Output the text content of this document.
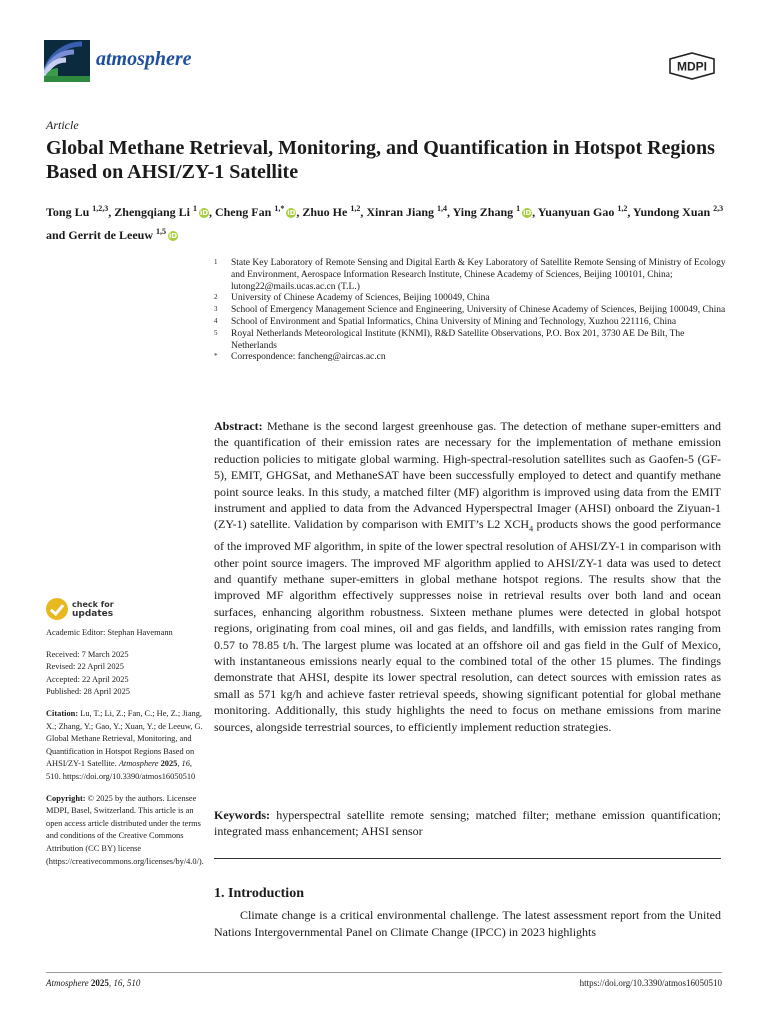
atmosphere	MDPI
Article
Global Methane Retrieval, Monitoring, and Quantification in Hotspot Regions Based on AHSI/ZY-1 Satellite
Tong Lu $^{1,2,3}$, Zhengqiang Li $^1$ iD, Cheng Fan $^{1,*}$ iD, Zhuo He $^{1,2}$, Xinran Jiang $^{1,4}$, Ying Zhang $^1$ iD, Yuanyuan Gao $^{1,2}$, Yundong Xuan $^{2,3}$ and Gerrit de Leeuw $^{1,5}$ iD
1	State Key Laboratory of Remote Sensing and Digital Earth & Key Laboratory of Satellite Remote Sensing of Ministry of Ecology and Environment, Aerospace Information Research Institute, Chinese Academy of Sciences, Beijing 100101, China; lutong22@mails.ucas.ac.cn (T.L.)
2	University of Chinese Academy of Sciences, Beijing 100049, China
3	School of Emergency Management Science and Engineering, University of Chinese Academy of Sciences, Beijing 100049, China
4	School of Environment and Spatial Informatics, China University of Mining and Technology, Xuzhou 221116, China
5	Royal Netherlands Meteorological Institute (KNMI), R&D Satellite Observations, P.O. Box 201, 3730 AE De Bilt, The Netherlands
*	Correspondence: fancheng@aircas.ac.cn
Abstract: Methane is the second largest greenhouse gas. The detection of methane super-emitters and the quantification of their emission rates are necessary for the implementation of methane emission reduction policies to mitigate global warming. High-spectral-resolution satellites such as Gaofen-5 (GF-5), EMIT, GHGSat, and MethaneSAT have been successfully employed to detect and quantify methane point source leaks. In this study, a matched filter (MF) algorithm is improved using data from the EMIT instrument and applied to data from the Advanced Hyperspectral Imager (AHSI) onboard the Ziyuan-1 (ZY-1) satellite. Validation by comparison with EMIT’s L2 $XCH_4$ products shows the good performance of the improved MF algorithm, in spite of the lower spectral resolution of AHSI/ZY-1 in comparison with other point source imagers. The improved MF algorithm applied to AHSI/ZY-1 data was used to detect and quantify methane super-emitters in global methane hotspot regions. The results show that the improved MF algorithm effectively suppresses noise in retrieval results over both land and ocean surfaces, enhancing algorithm robustness. Sixteen methane plumes were detected in global hotspot regions, originating from coal mines, oil and gas fields, and landfills, with emission rates ranging from 0.57 to 78.85 t/h. The largest plume was located at an offshore oil and gas field in the Gulf of Mexico, with instantaneous emissions nearly equal to the combined total of the other 15 plumes. The findings demonstrate that AHSI, despite its lower spectral resolution, can detect sources with emission rates as small as 571 kg/h and achieve faster retrieval speeds, showing significant potential for global methane monitoring. Additionally, this study highlights the need to focus on methane emissions from marine sources, alongside terrestrial sources, to efficiently implement reduction strategies.
Keywords: hyperspectral satellite remote sensing; matched filter; methane emission quantification; integrated mass enhancement; AHSI sensor
1. Introduction
Climate change is a critical environmental challenge. The latest assessment report from the United Nations Intergovernmental Panel on Climate Change (IPCC) in 2023 highlights
check for
updates

Academic Editor: Stephan Havemann

Received: 7 March 2025

Revised: 22 April 2025

Accepted: 22 April 2025

Published: 28 April 2025

Citation: Lu, T.; Li, Z.; Fan, C.; He, Z.; Jiang, X.; Zhang, Y.; Gao, Y.; Xuan, Y.; de Leeuw, G. Global Methane Retrieval, Monitoring, and Quantification in Hotspot Regions Based on AHSI/ZY-1 Satellite. Atmosphere 2025, 16, 510. https://doi.org/10.3390/atmos16050510

Copyright: © 2025 by the authors. Licensee MDPI, Basel, Switzerland. This article is an open access article distributed under the terms and conditions of the Creative Commons Attribution (CC BY) license (https://creativecommons.org/licenses/by/4.0/).

Atmosphere 2025, 16, 510	https://doi.org/10.3390/atmos16050510
